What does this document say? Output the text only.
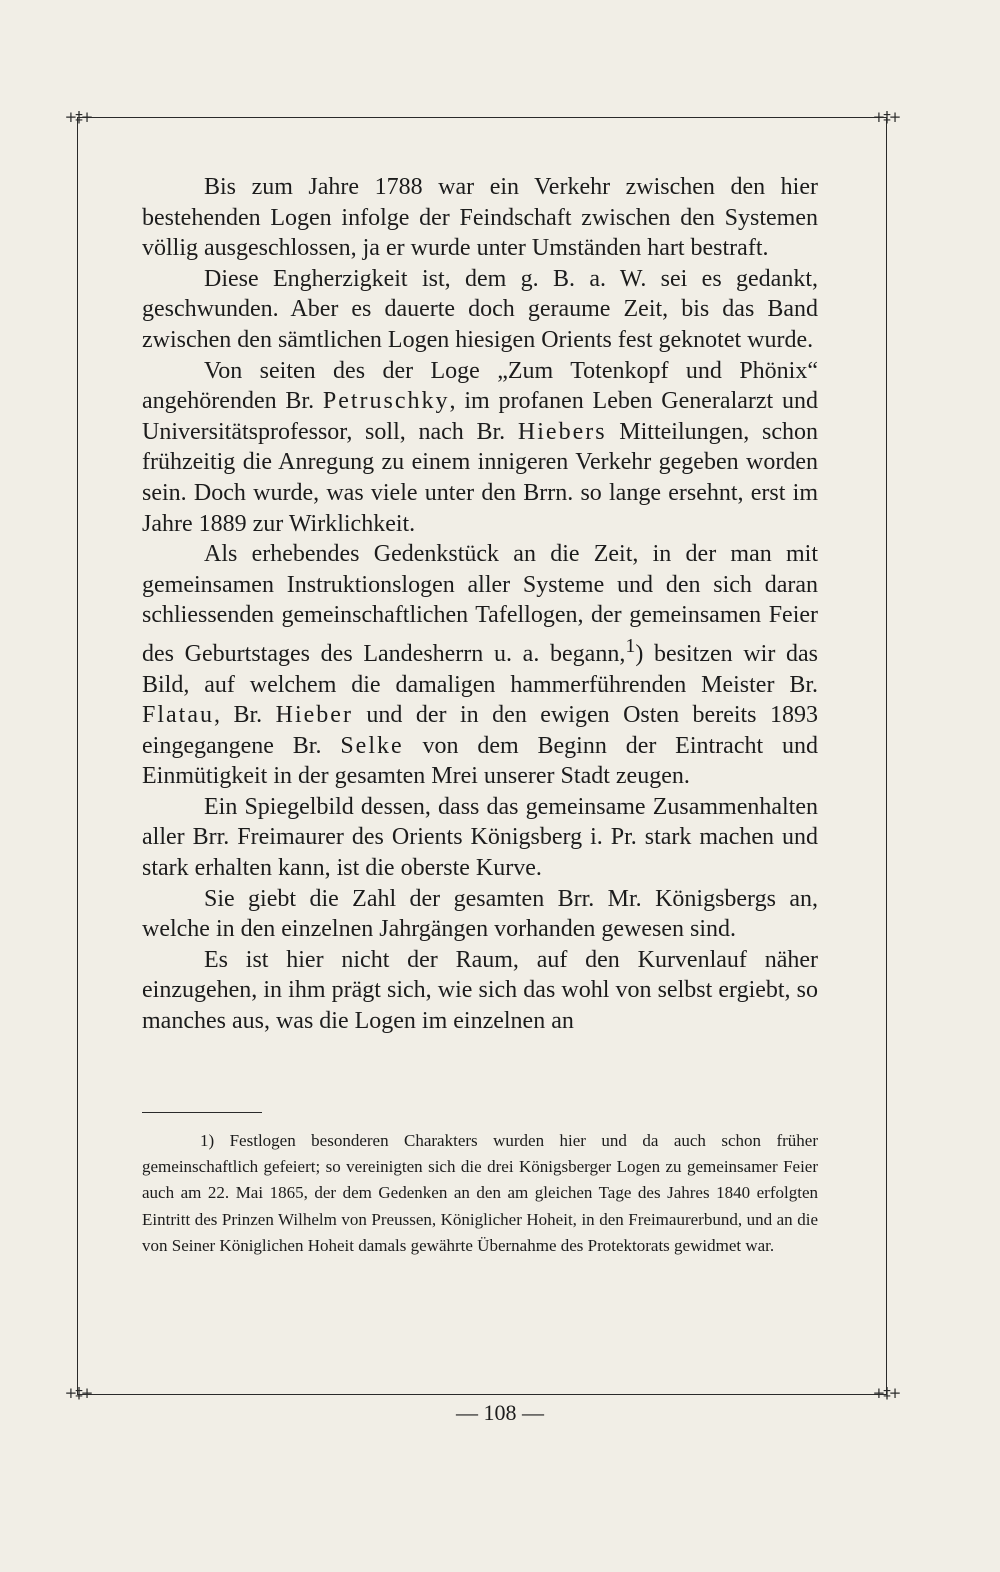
+‡+	+‡+
+‡+	+‡+

Bis zum Jahre 1788 war ein Verkehr zwischen den hier bestehenden Logen infolge der Feindschaft zwischen den Systemen völlig ausgeschlossen, ja er wurde unter Umständen hart bestraft.

Diese Engherzigkeit ist, dem g. B. a. W. sei es gedankt, geschwunden. Aber es dauerte doch geraume Zeit, bis das Band zwischen den sämtlichen Logen hiesigen Orients fest geknotet wurde.

Von seiten des der Loge „Zum Totenkopf und Phönix“ angehörenden Br. Petruschky, im profanen Leben Generalarzt und Universitätsprofessor, soll, nach Br. Hiebers Mitteilungen, schon frühzeitig die Anregung zu einem innigeren Verkehr gegeben worden sein. Doch wurde, was viele unter den Brrn. so lange ersehnt, erst im Jahre 1889 zur Wirklichkeit.

Als erhebendes Gedenkstück an die Zeit, in der man mit gemeinsamen Instruktionslogen aller Systeme und den sich daran schliessenden gemeinschaftlichen Tafellogen, der gemeinsamen Feier des Geburtstages des Landesherrn u. a. begann,$^1$) besitzen wir das Bild, auf welchem die damaligen hammerführenden Meister Br. Flatau, Br. Hieber und der in den ewigen Osten bereits 1893 eingegangene Br. Selke von dem Beginn der Eintracht und Einmütigkeit in der gesamten Mrei unserer Stadt zeugen.

Ein Spiegelbild dessen, dass das gemeinsame Zusammenhalten aller Brr. Freimaurer des Orients Königsberg i. Pr. stark machen und stark erhalten kann, ist die oberste Kurve.

Sie giebt die Zahl der gesamten Brr. Mr. Königsbergs an, welche in den einzelnen Jahrgängen vorhanden gewesen sind.

Es ist hier nicht der Raum, auf den Kurvenlauf näher einzugehen, in ihm prägt sich, wie sich das wohl von selbst ergiebt, so manches aus, was die Logen im einzelnen an

1) Festlogen besonderen Charakters wurden hier und da auch schon früher gemeinschaftlich gefeiert; so vereinigten sich die drei Königsberger Logen zu gemeinsamer Feier auch am 22. Mai 1865, der dem Gedenken an den am gleichen Tage des Jahres 1840 erfolgten Eintritt des Prinzen Wilhelm von Preussen, Königlicher Hoheit, in den Freimaurerbund, und an die von Seiner Königlichen Hoheit damals gewährte Übernahme des Protektorats gewidmet war.

— 108 —
